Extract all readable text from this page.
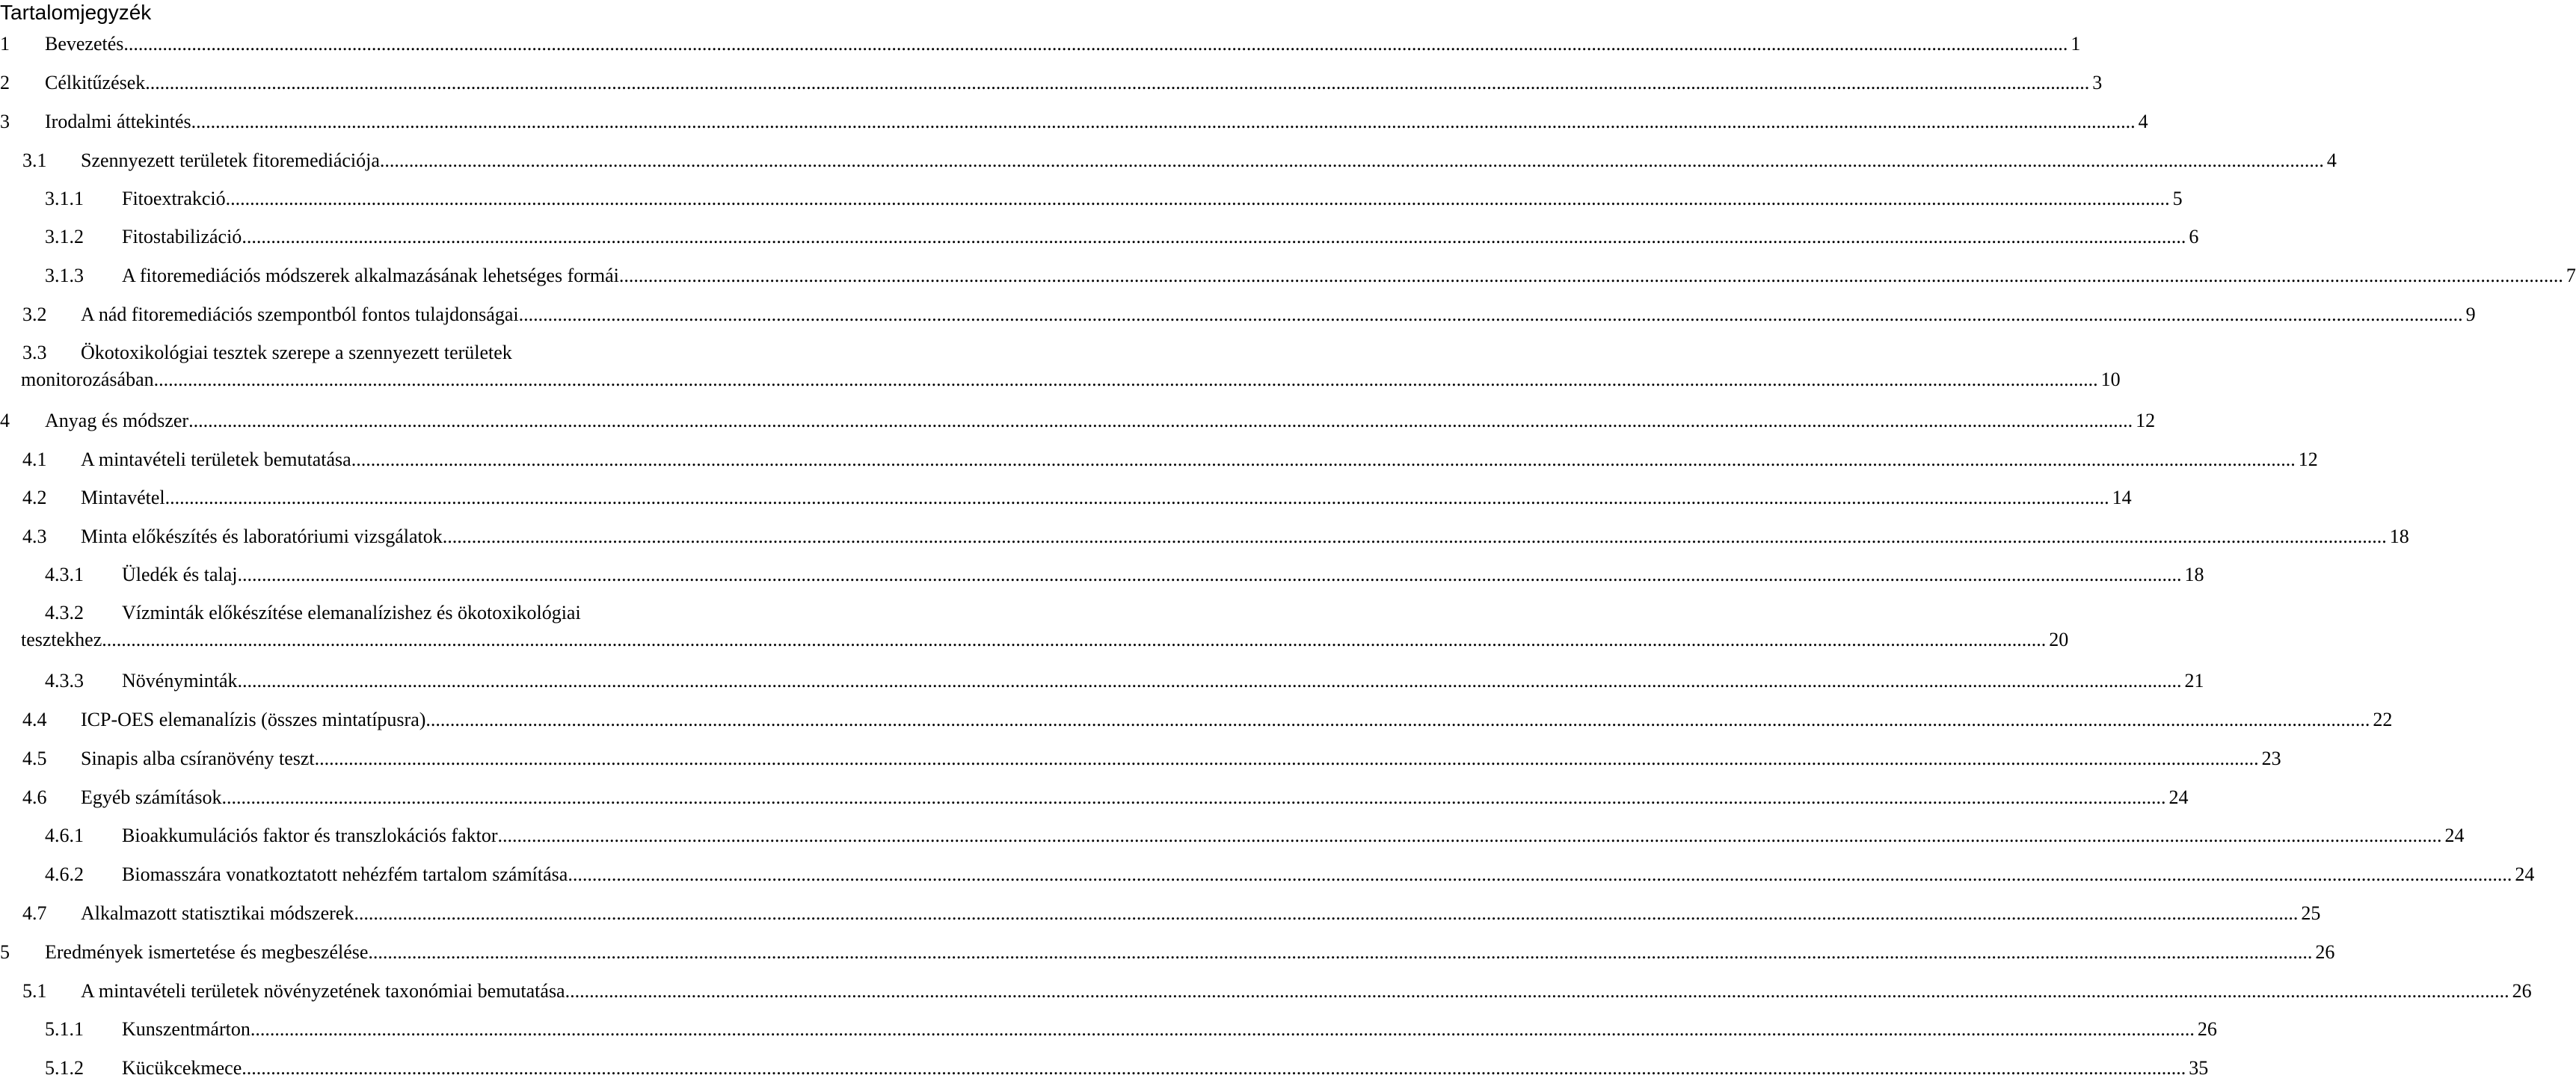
Tartalomjegyzék
1 Bevezetés ................................................................................................................................................................................................................................................................................................................................................................................................................ 1
2 Célkitűzések ................................................................................................................................................................................................................................................................................................................................................................................................................ 3
3 Irodalmi áttekintés ................................................................................................................................................................................................................................................................................................................................................................................................................ 4
3.1 Szennyezett területek fitoremediációja ................................................................................................................................................................................................................................................................................................................................................................................................................ 4
3.1.1 Fitoextrakció ................................................................................................................................................................................................................................................................................................................................................................................................................ 5
3.1.2 Fitostabilizáció ................................................................................................................................................................................................................................................................................................................................................................................................................ 6
3.1.3 A fitoremediációs módszerek alkalmazásának lehetséges formái ................................................................................................................................................................................................................................................................................................................................................................................................................ 7
3.2 A nád fitoremediációs szempontból fontos tulajdonságai ................................................................................................................................................................................................................................................................................................................................................................................................................ 9
3.3 Ökotoxikológiai tesztek szerepe a szennyezett területek
monitorozásában ................................................................................................................................................................................................................................................................................................................................................................................................................ 10
4 Anyag és módszer ................................................................................................................................................................................................................................................................................................................................................................................................................ 12
4.1 A mintavételi területek bemutatása ................................................................................................................................................................................................................................................................................................................................................................................................................ 12
4.2 Mintavétel ................................................................................................................................................................................................................................................................................................................................................................................................................ 14
4.3 Minta előkészítés és laboratóriumi vizsgálatok ................................................................................................................................................................................................................................................................................................................................................................................................................ 18
4.3.1 Üledék és talaj ................................................................................................................................................................................................................................................................................................................................................................................................................ 18
4.3.2 Vízminták előkészítése elemanalízishez és ökotoxikológiai
tesztekhez ................................................................................................................................................................................................................................................................................................................................................................................................................ 20
4.3.3 Növényminták ................................................................................................................................................................................................................................................................................................................................................................................................................ 21
4.4 ICP-OES elemanalízis (összes mintatípusra) ................................................................................................................................................................................................................................................................................................................................................................................................................ 22
4.5 Sinapis alba csíranövény teszt ................................................................................................................................................................................................................................................................................................................................................................................................................ 23
4.6 Egyéb számítások ................................................................................................................................................................................................................................................................................................................................................................................................................ 24
4.6.1 Bioakkumulációs faktor és transzlokációs faktor ................................................................................................................................................................................................................................................................................................................................................................................................................ 24
4.6.2 Biomasszára vonatkoztatott nehézfém tartalom számítása ................................................................................................................................................................................................................................................................................................................................................................................................................ 24
4.7 Alkalmazott statisztikai módszerek ................................................................................................................................................................................................................................................................................................................................................................................................................ 25
5 Eredmények ismertetése és megbeszélése ................................................................................................................................................................................................................................................................................................................................................................................................................ 26
5.1 A mintavételi területek növényzetének taxonómiai bemutatása ................................................................................................................................................................................................................................................................................................................................................................................................................ 26
5.1.1 Kunszentmárton ................................................................................................................................................................................................................................................................................................................................................................................................................ 26
5.1.2 Kücükcekmece ................................................................................................................................................................................................................................................................................................................................................................................................................ 35
